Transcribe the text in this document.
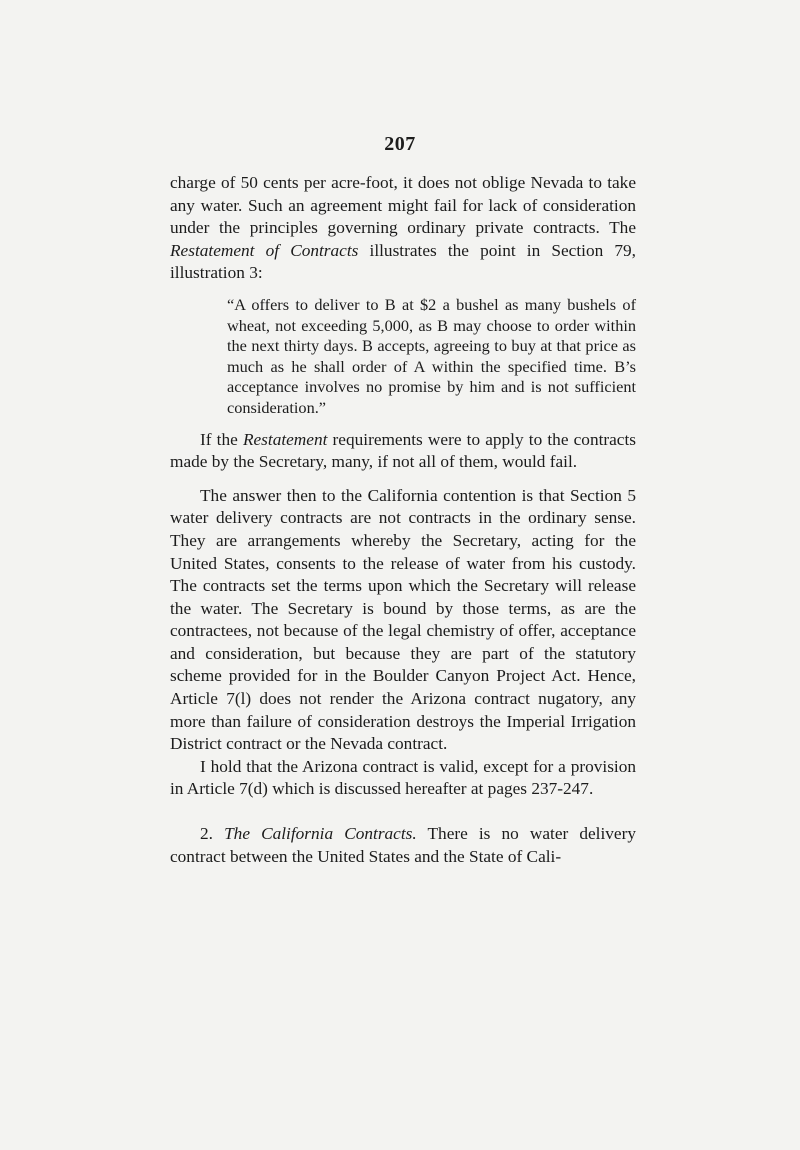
207

charge of 50 cents per acre-foot, it does not oblige Nevada to take any water. Such an agreement might fail for lack of consideration under the principles governing ordinary private contracts. The Restatement of Contracts illustrates the point in Section 79, illustration 3:

“A offers to deliver to B at $2 a bushel as many bushels of wheat, not exceeding 5,000, as B may choose to order within the next thirty days. B accepts, agreeing to buy at that price as much as he shall order of A within the specified time. B’s acceptance involves no promise by him and is not sufficient consideration.”

If the Restatement requirements were to apply to the contracts made by the Secretary, many, if not all of them, would fail.

The answer then to the California contention is that Section 5 water delivery contracts are not contracts in the ordinary sense. They are arrangements whereby the Secretary, acting for the United States, consents to the release of water from his custody. The contracts set the terms upon which the Secretary will release the water. The Secretary is bound by those terms, as are the contractees, not because of the legal chemistry of offer, acceptance and consideration, but because they are part of the statutory scheme provided for in the Boulder Canyon Project Act. Hence, Article 7(l) does not render the Arizona contract nugatory, any more than failure of consideration destroys the Imperial Irrigation District contract or the Nevada contract.

I hold that the Arizona contract is valid, except for a provision in Article 7(d) which is discussed hereafter at pages 237-247.

2. The California Contracts. There is no water delivery contract between the United States and the State of Cali-
